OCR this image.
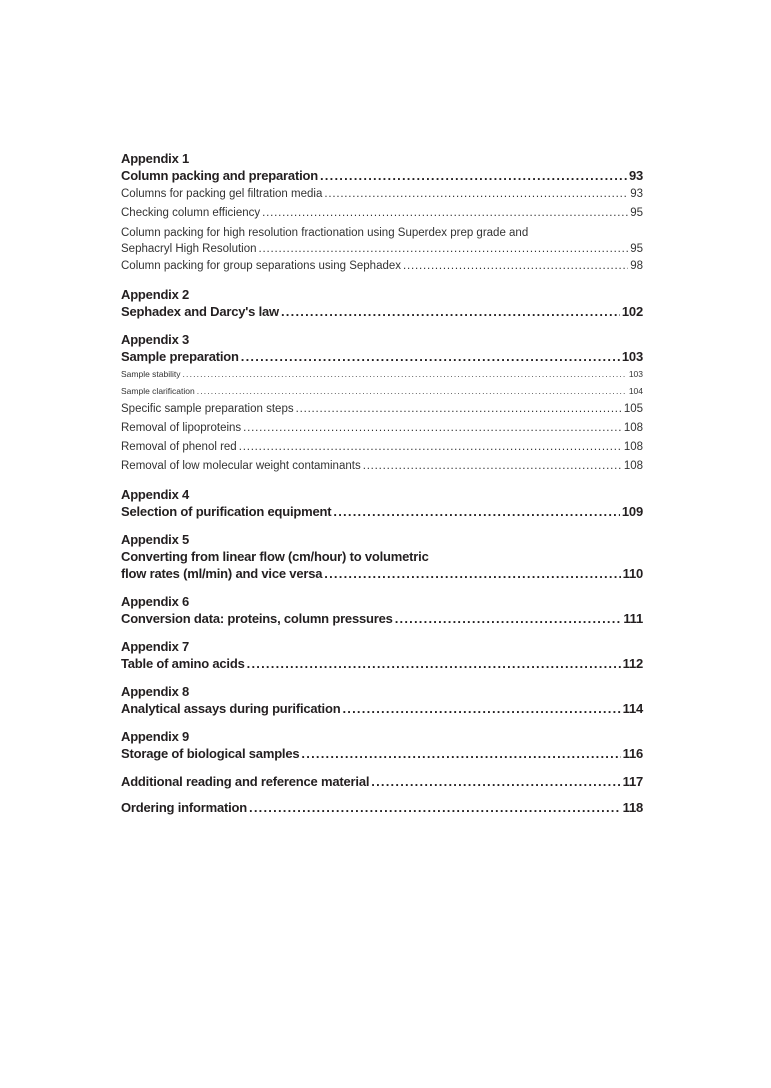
Appendix 1
Column packing and preparation . . .	93
Columns for packing gel filtration media . . .	93
Checking column efficiency . . .	95
Column packing for high resolution fractionation using Superdex prep grade and
Sephacryl High Resolution . . .	95
Column packing for group separations using Sephadex . . .	98
Appendix 2
Sephadex and Darcy's law . . .	102
Appendix 3
Sample preparation . . .	103
Sample stability . . .	103
Sample clarification . . .	104
Specific sample preparation steps . . .	105
Removal of lipoproteins . . .	108
Removal of phenol red . . .	108
Removal of low molecular weight contaminants . . .	108
Appendix 4
Selection of purification equipment . . .	109
Appendix 5
Converting from linear flow (cm/hour) to volumetric
flow rates (ml/min) and vice versa . . .	110
Appendix 6
Conversion data: proteins, column pressures . . .	111
Appendix 7
Table of amino acids . . .	112
Appendix 8
Analytical assays during purification . . .	114
Appendix 9
Storage of biological samples . . .	116
Additional reading and reference material . . .	117
Ordering information . . .	118
